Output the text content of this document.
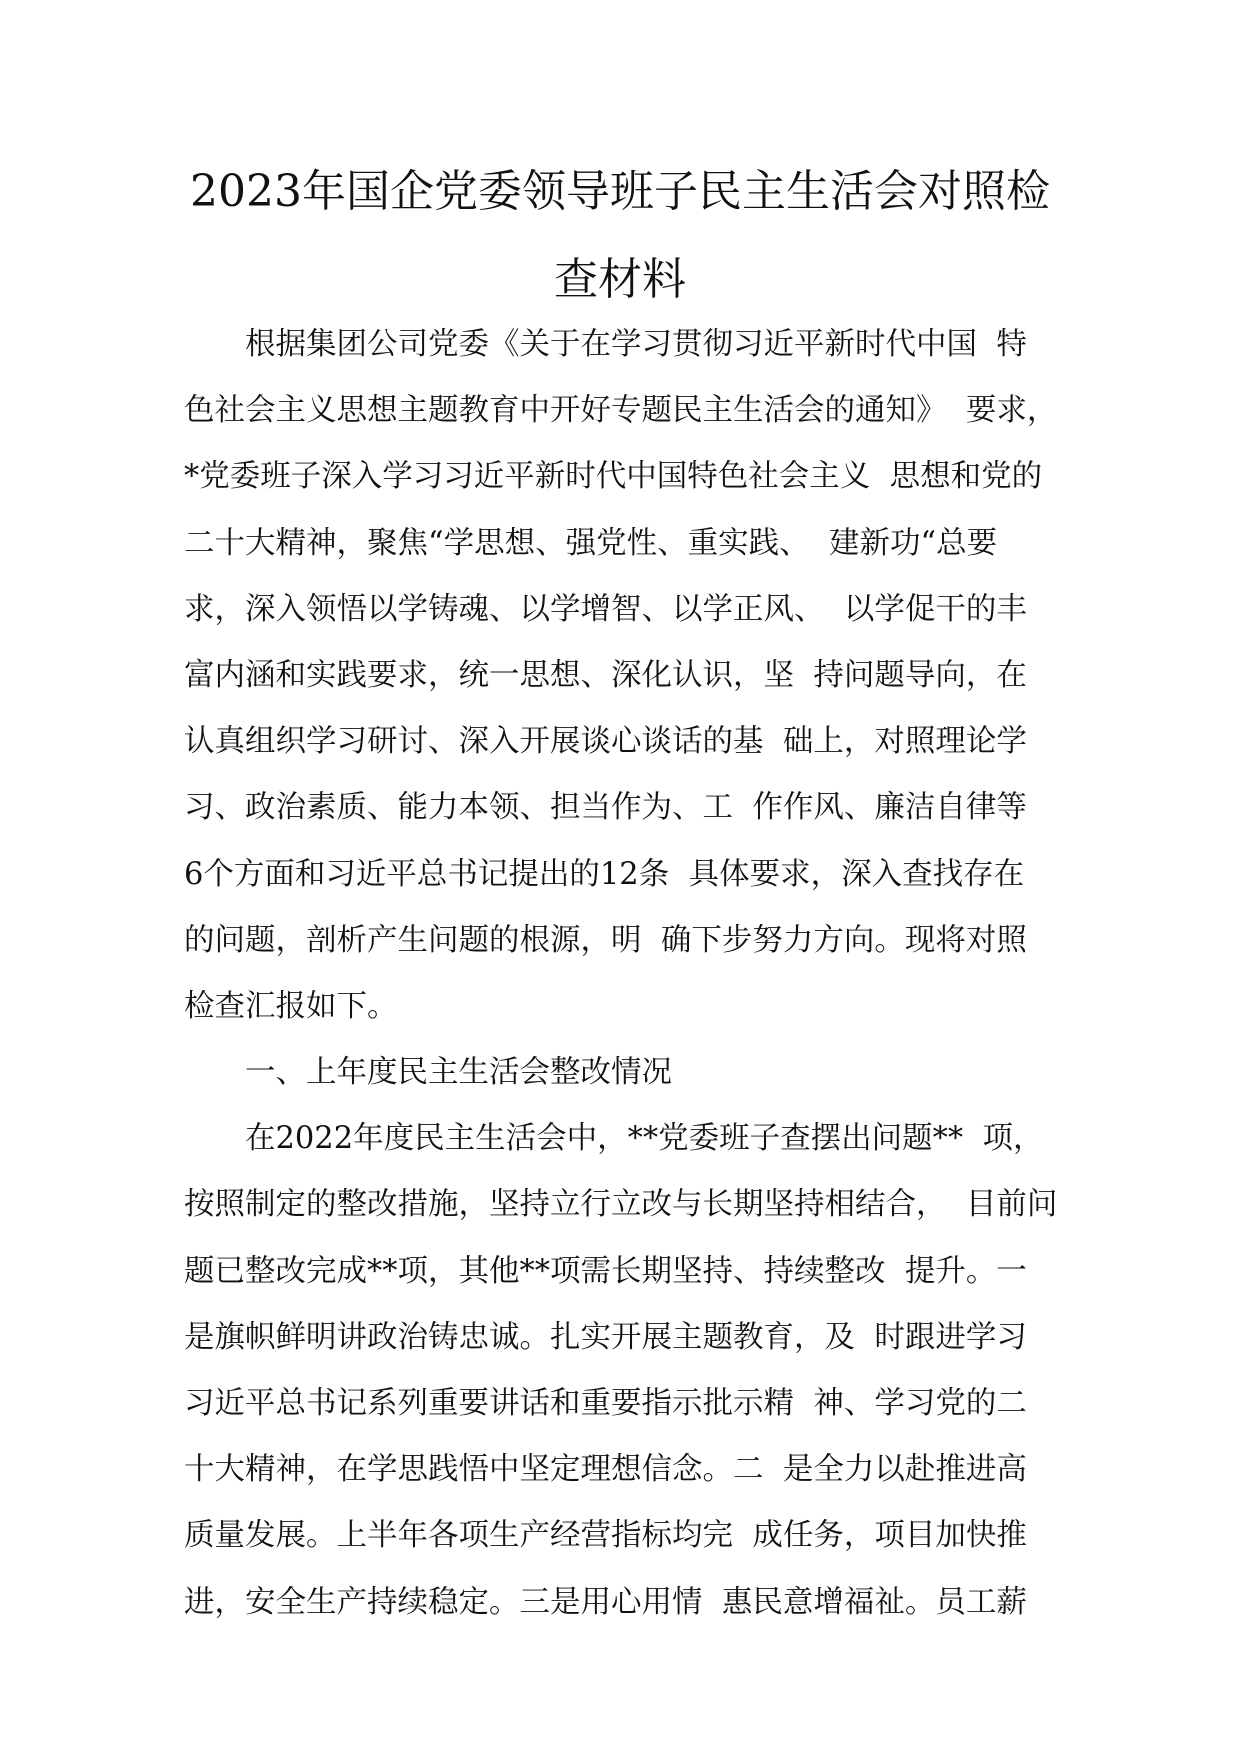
2023年国企党委领导班子民主生活会对照检
查材料
　　根据集团公司党委《关于在学习贯彻习近平新时代中国  特
色社会主义思想主题教育中开好专题民主生活会的通知》  要求，
*党委班子深入学习习近平新时代中国特色社会主义  思想和党的
二十大精神，聚焦“学思想、强党性、重实践、  建新功“总要
求，深入领悟以学铸魂、以学增智、以学正风、  以学促干的丰
富内涵和实践要求，统一思想、深化认识，坚  持问题导向，在
认真组织学习研讨、深入开展谈心谈话的基  础上，对照理论学
习、政治素质、能力本领、担当作为、工  作作风、廉洁自律等
6个方面和习近平总书记提出的12条  具体要求，深入查找存在
的问题，剖析产生问题的根源，明  确下步努力方向。现将对照
检查汇报如下。
　　一、上年度民主生活会整改情况
　　在2022年度民主生活会中，**党委班子查摆出问题**  项，
按照制定的整改措施，坚持立行立改与长期坚持相结合，  目前问
题已整改完成**项，其他**项需长期坚持、持续整改  提升。一
是旗帜鲜明讲政治铸忠诚。扎实开展主题教育，及  时跟进学习
习近平总书记系列重要讲话和重要指示批示精  神、学习党的二
十大精神，在学思践悟中坚定理想信念。二  是全力以赴推进高
质量发展。上半年各项生产经营指标均完  成任务，项目加快推
进，安全生产持续稳定。三是用心用情  惠民意增福祉。员工薪
